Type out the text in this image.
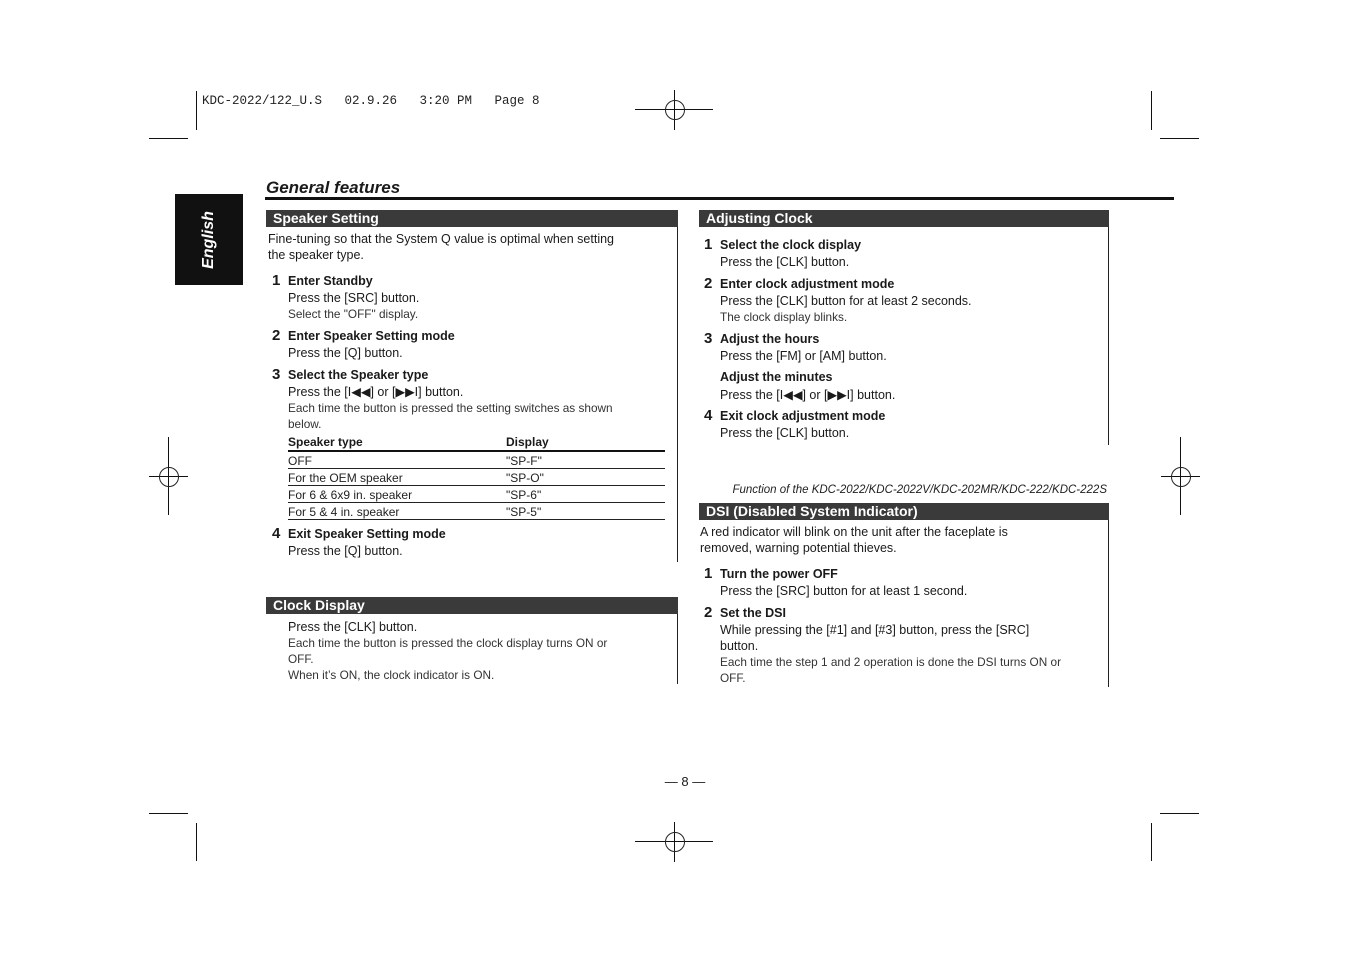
KDC-2022/122_U.S   02.9.26   3:20 PM   Page 8
English
General features
Speaker Setting
Fine-tuning so that the System Q value is optimal when setting
the speaker type.
1 Enter Standby
Press the [SRC] button.
Select the "OFF" display.
2 Enter Speaker Setting mode
Press the [Q] button.
3 Select the Speaker type
Press the [I◀◀] or [▶▶I] button.
Each time the button is pressed the setting switches as shown
below.
Speaker type	Display
OFF	"SP-F"
For the OEM speaker	"SP-O"
For 6 & 6x9 in. speaker	"SP-6"
For 5 & 4 in. speaker	"SP-5"
4 Exit Speaker Setting mode
Press the [Q] button.
Clock Display
Press the [CLK] button.
Each time the button is pressed the clock display turns ON or
OFF.
When it’s ON, the clock indicator is ON.
Adjusting Clock
1 Select the clock display
Press the [CLK] button.
2 Enter clock adjustment mode
Press the [CLK] button for at least 2 seconds.
The clock display blinks.
3 Adjust the hours
Press the [FM] or [AM] button.
Adjust the minutes
Press the [I◀◀] or [▶▶I] button.
4 Exit clock adjustment mode
Press the [CLK] button.
Function of the KDC-2022/KDC-2022V/KDC-202MR/KDC-222/KDC-222S
DSI (Disabled System Indicator)
A red indicator will blink on the unit after the faceplate is
removed, warning potential thieves.
1 Turn the power OFF
Press the [SRC] button for at least 1 second.
2 Set the DSI
While pressing the [#1] and [#3] button, press the [SRC]
button.
Each time the step 1 and 2 operation is done the DSI turns ON or
OFF.
— 8 —
